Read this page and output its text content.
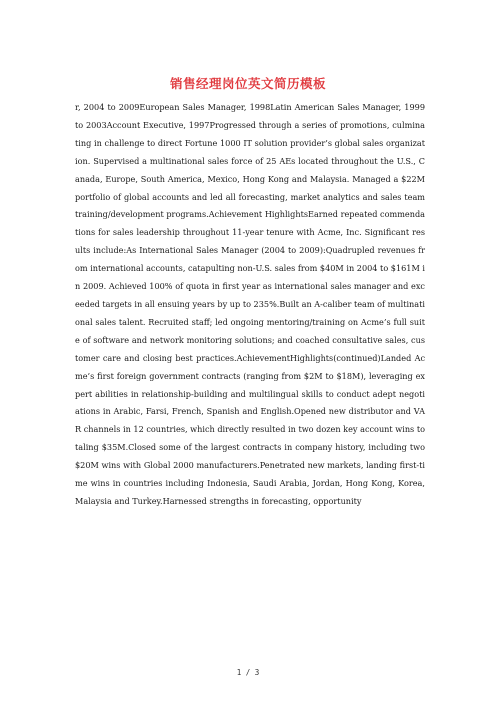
销售经理岗位英文简历模板

r, 2004 to 2009European Sales Manager, 1998Latin American Sales Manager, 1999 to 2003Account Executive, 1997Progressed through a series of promotions, culminating in challenge to direct Fortune 1000 IT solution provider’s global sales organization. Supervised a multinational sales force of 25 AEs located throughout the U.S., Canada, Europe, South America, Mexico, Hong Kong and Malaysia. Managed a $22M portfolio of global accounts and led all forecasting, market analytics and sales team training/development programs.Achievement HighlightsEarned repeated commendations for sales leadership throughout 11-year tenure with Acme, Inc. Significant results include:As International Sales Manager (2004 to 2009):Quadrupled revenues from international accounts, catapulting non-U.S. sales from $40M in 2004 to $161M in 2009. Achieved 100% of quota in first year as international sales manager and exceeded targets in all ensuing years by up to 235%.Built an A-caliber team of multinational sales talent. Recruited staff; led ongoing mentoring/training on Acme’s full suite of software and network monitoring solutions; and coached consultative sales, customer care and closing best practices.AchievementHighlights(continued)Landed Acme’s first foreign government contracts (ranging from $2M to $18M), leveraging expert abilities in relationship-building and multilingual skills to conduct adept negotiations in Arabic, Farsi, French, Spanish and English.Opened new distributor and VAR channels in 12 countries, which directly resulted in two dozen key account wins totaling $35M.Closed some of the largest contracts in company history, including two $20M wins with Global 2000 manufacturers.Penetrated new markets, landing first-time wins in countries including Indonesia, Saudi Arabia, Jordan, Hong Kong, Korea, Malaysia and Turkey.Harnessed strengths in forecasting, opportunity

1 / 3
